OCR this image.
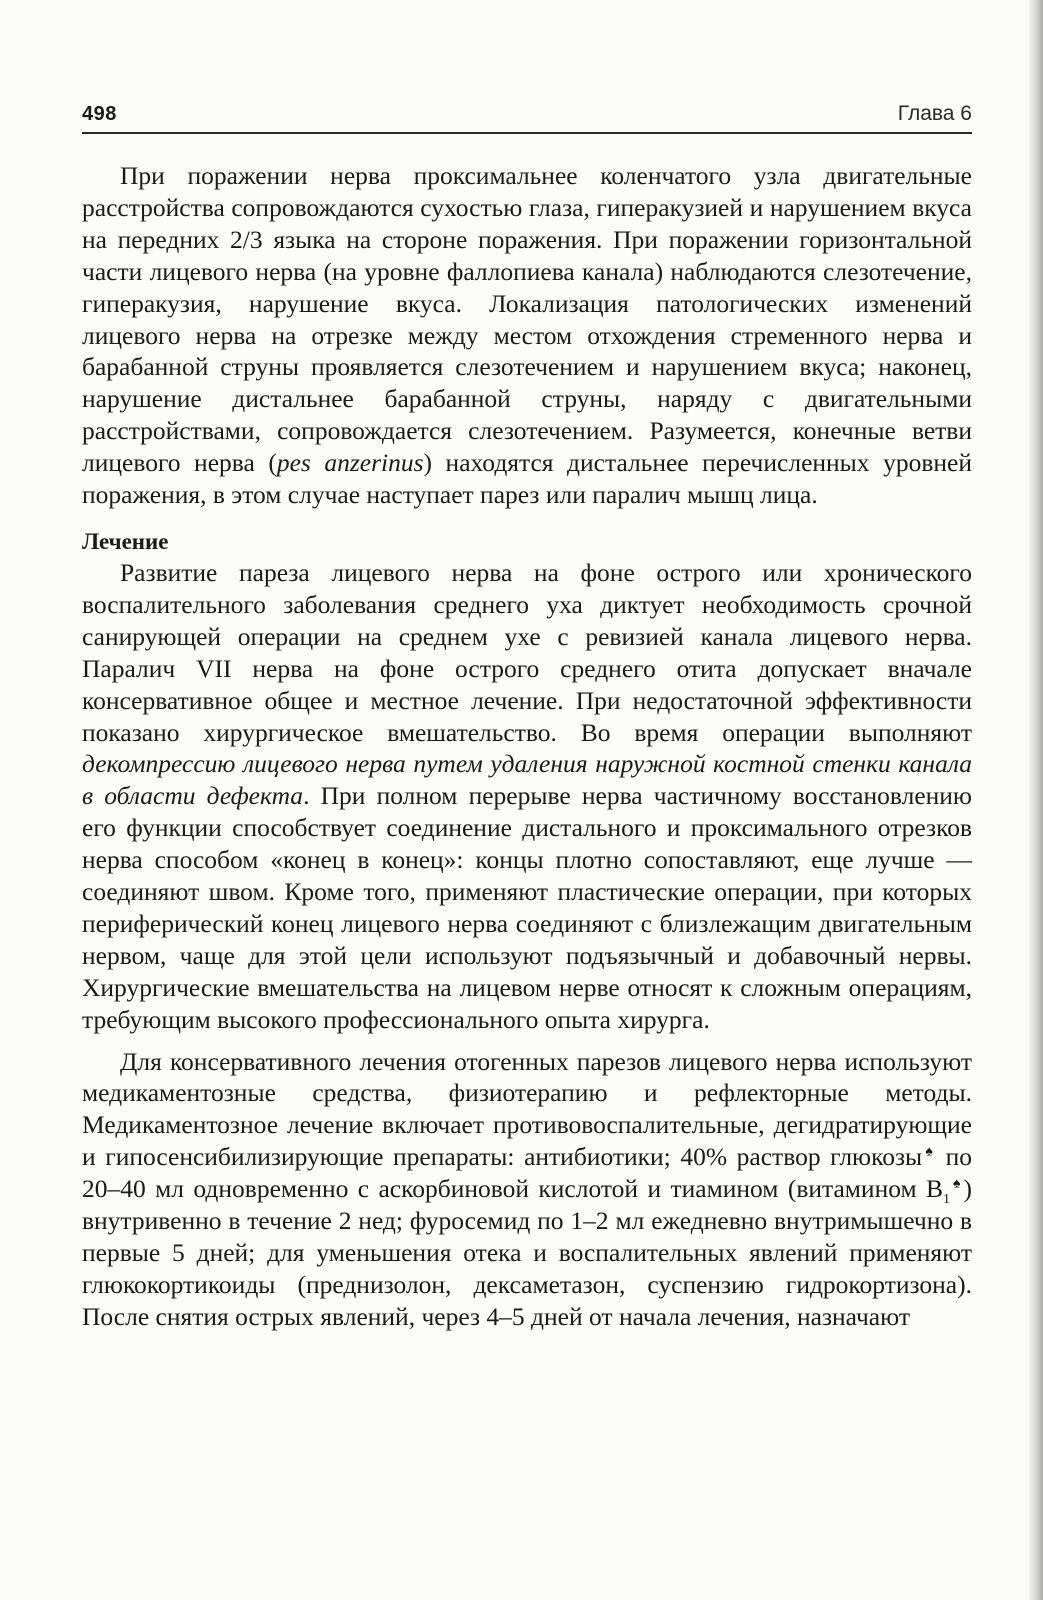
498	Глава 6

При поражении нерва проксимальнее коленчатого узла двигательные расстройства сопровождаются сухостью глаза, гиперакузией и нарушением вкуса на передних 2/3 языка на стороне поражения. При поражении горизонтальной части лицевого нерва (на уровне фаллопиева канала) наблюдаются слезотечение, гиперакузия, нарушение вкуса. Локализация патологических изменений лицевого нерва на отрезке между местом отхождения стременного нерва и барабанной струны проявляется слезотечением и нарушением вкуса; наконец, нарушение дистальнее барабанной струны, наряду с двигательными расстройствами, сопровождается слезотечением. Разумеется, конечные ветви лицевого нерва (pes anzerinus) находятся дистальнее перечисленных уровней поражения, в этом случае наступает парез или паралич мышц лица.

Лечение

Развитие пареза лицевого нерва на фоне острого или хронического воспалительного заболевания среднего уха диктует необходимость срочной санирующей операции на среднем ухе с ревизией канала лицевого нерва. Паралич VII нерва на фоне острого среднего отита допускает вначале консервативное общее и местное лечение. При недостаточной эффективности показано хирургическое вмешательство. Во время операции выполняют декомпрессию лицевого нерва путем удаления наружной костной стенки канала в области дефекта. При полном перерыве нерва частичному восстановлению его функции способствует соединение дистального и проксимального отрезков нерва способом «конец в конец»: концы плотно сопоставляют, еще лучше — соединяют швом. Кроме того, применяют пластические операции, при которых периферический конец лицевого нерва соединяют с близлежащим двигательным нервом, чаще для этой цели используют подъязычный и добавочный нервы. Хирургические вмешательства на лицевом нерве относят к сложным операциям, требующим высокого профессионального опыта хирурга.

Для консервативного лечения отогенных парезов лицевого нерва используют медикаментозные средства, физиотерапию и рефлекторные методы. Медикаментозное лечение включает противовоспалительные, дегидратирующие и гипосенсибилизирующие препараты: антибиотики; 40% раствор глюкозы♠ по 20–40 мл одновременно с аскорбиновой кислотой и тиамином (витамином $В_1^♠$) внутривенно в течение 2 нед; фуросемид по 1–2 мл ежедневно внутримышечно в первые 5 дней; для уменьшения отека и воспалительных явлений применяют глюкокортикоиды (преднизолон, дексаметазон, суспензию гидрокортизона). После снятия острых явлений, через 4–5 дней от начала лечения, назначают
